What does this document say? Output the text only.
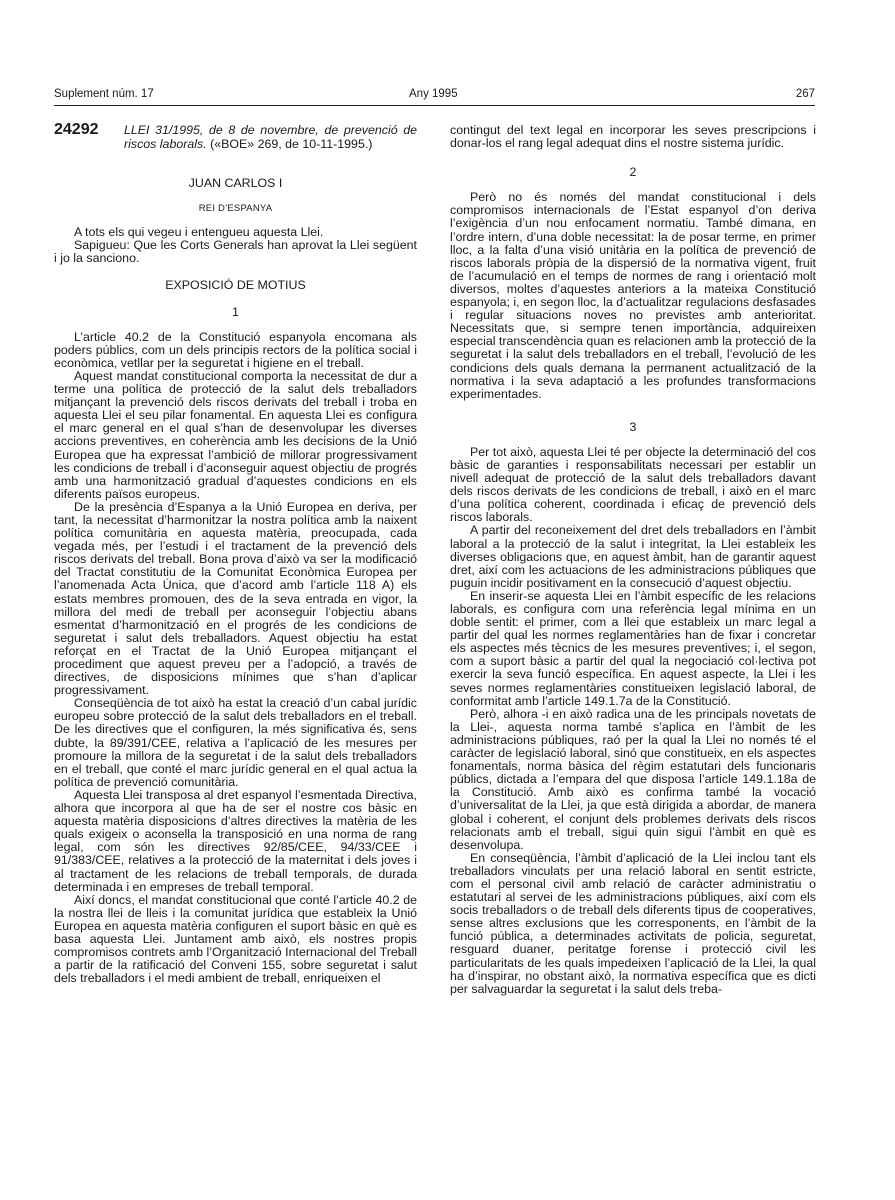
Suplement núm. 17	Any 1995	267
24292 LLEI 31/1995, de 8 de novembre, de prevenció de riscos laborals. («BOE» 269, de 10-11-1995.)
JUAN CARLOS I
REI D’ESPANYA

A tots els qui vegeu i entengueu aquesta Llei.

Sapigueu: Que les Corts Generals han aprovat la Llei següent i jo la sanciono.

EXPOSICIÓ DE MOTIUS
1

L’article 40.2 de la Constitució espanyola encomana als poders públics, com un dels principis rectors de la política social i econòmica, vetllar per la seguretat i higiene en el treball.

Aquest mandat constitucional comporta la necessitat de dur a terme una política de protecció de la salut dels treballadors mitjançant la prevenció dels riscos derivats del treball i troba en aquesta Llei el seu pilar fonamental. En aquesta Llei es configura el marc general en el qual s’han de desenvolupar les diverses accions preventives, en coherència amb les decisions de la Unió Europea que ha expressat l’ambició de millorar progressivament les condicions de treball i d’aconseguir aquest objectiu de progrés amb una harmonització gradual d’aquestes condicions en els diferents països europeus.

De la presència d’Espanya a la Unió Europea en deriva, per tant, la necessitat d’harmonitzar la nostra política amb la naixent política comunitària en aquesta matèria, preocupada, cada vegada més, per l’estudi i el tractament de la prevenció dels riscos derivats del treball. Bona prova d’això va ser la modificació del Tractat constitutiu de la Comunitat Econòmica Europea per l’anomenada Acta Única, que d’acord amb l’article 118 A) els estats membres promouen, des de la seva entrada en vigor, la millora del medi de treball per aconseguir l’objectiu abans esmentat d’harmonització en el progrés de les condicions de seguretat i salut dels treballadors. Aquest objectiu ha estat reforçat en el Tractat de la Unió Europea mitjançant el procediment que aquest preveu per a l’adopció, a través de directives, de disposicions mínimes que s’han d’aplicar progressivament.

Conseqüència de tot això ha estat la creació d’un cabal jurídic europeu sobre protecció de la salut dels treballadors en el treball. De les directives que el configuren, la més significativa és, sens dubte, la 89/391/CEE, relativa a l’aplicació de les mesures per promoure la millora de la seguretat i de la salut dels treballadors en el treball, que conté el marc jurídic general en el qual actua la política de prevenció comunitària.

Aquesta Llei transposa al dret espanyol l’esmentada Directiva, alhora que incorpora al que ha de ser el nostre cos bàsic en aquesta matèria disposicions d’altres directives la matèria de les quals exigeix o aconsella la transposició en una norma de rang legal, com són les directives 92/85/CEE, 94/33/CEE i 91/383/CEE, relatives a la protecció de la maternitat i dels joves i al tractament de les relacions de treball temporals, de durada determinada i en empreses de treball temporal.

Així doncs, el mandat constitucional que conté l’article 40.2 de la nostra llei de lleis i la comunitat jurídica que estableix la Unió Europea en aquesta matèria configuren el suport bàsic en què es basa aquesta Llei. Juntament amb això, els nostres propis compromisos contrets amb l’Organització Internacional del Treball a partir de la ratificació del Conveni 155, sobre seguretat i salut dels treballadors i el medi ambient de treball, enriqueixen el

contingut del text legal en incorporar les seves prescripcions i donar-los el rang legal adequat dins el nostre sistema jurídic.

2

Però no és només del mandat constitucional i dels compromisos internacionals de l’Estat espanyol d’on deriva l’exigència d’un nou enfocament normatiu. També dimana, en l’ordre intern, d’una doble necessitat: la de posar terme, en primer lloc, a la falta d’una visió unitària en la política de prevenció de riscos laborals pròpia de la dispersió de la normativa vigent, fruit de l’acumulació en el temps de normes de rang i orientació molt diversos, moltes d’aquestes anteriors a la mateixa Constitució espanyola; i, en segon lloc, la d’actualitzar regulacions desfasades i regular situacions noves no previstes amb anterioritat. Necessitats que, si sempre tenen importància, adquireixen especial transcendència quan es relacionen amb la protecció de la seguretat i la salut dels treballadors en el treball, l’evolució de les condicions dels quals demana la permanent actualització de la normativa i la seva adaptació a les profundes transformacions experimentades.

3

Per tot això, aquesta Llei té per objecte la determinació del cos bàsic de garanties i responsabilitats necessari per establir un nivell adequat de protecció de la salut dels treballadors davant dels riscos derivats de les condicions de treball, i això en el marc d’una política coherent, coordinada i eficaç de prevenció dels riscos laborals.

A partir del reconeixement del dret dels treballadors en l’àmbit laboral a la protecció de la salut i integritat, la Llei estableix les diverses obligacions que, en aquest àmbit, han de garantir aquest dret, així com les actuacions de les administracions públiques que puguin incidir positivament en la consecució d’aquest objectiu.

En inserir-se aquesta Llei en l’àmbit específic de les relacions laborals, es configura com una referència legal mínima en un doble sentit: el primer, com a llei que estableix un marc legal a partir del qual les normes reglamentàries han de fixar i concretar els aspectes més tècnics de les mesures preventives; i, el segon, com a suport bàsic a partir del qual la negociació col·lectiva pot exercir la seva funció específica. En aquest aspecte, la Llei i les seves normes reglamentàries constitueixen legislació laboral, de conformitat amb l’article 149.1.7a de la Constitució.

Però, alhora -i en això radica una de les principals novetats de la Llei-, aquesta norma també s’aplica en l’àmbit de les administracions públiques, raó per la qual la Llei no només té el caràcter de legislació laboral, sinó que constitueix, en els aspectes fonamentals, norma bàsica del règim estatutari dels funcionaris públics, dictada a l’empara del que disposa l’article 149.1.18a de la Constitució. Amb això es confirma també la vocació d’universalitat de la Llei, ja que està dirigida a abordar, de manera global i coherent, el conjunt dels problemes derivats dels riscos relacionats amb el treball, sigui quin sigui l’àmbit en què es desenvolupa.

En conseqüència, l’àmbit d’aplicació de la Llei inclou tant els treballadors vinculats per una relació laboral en sentit estricte, com el personal civil amb relació de caràcter administratiu o estatutari al servei de les administracions públiques, així com els socis treballadors o de treball dels diferents tipus de cooperatives, sense altres exclusions que les corresponents, en l’àmbit de la funció pública, a determinades activitats de policia, seguretat, resguard duaner, peritatge forense i protecció civil les particularitats de les quals impedeixen l’aplicació de la Llei, la qual ha d’inspirar, no obstant això, la normativa específica que es dicti per salvaguardar la seguretat i la salut dels treba-
